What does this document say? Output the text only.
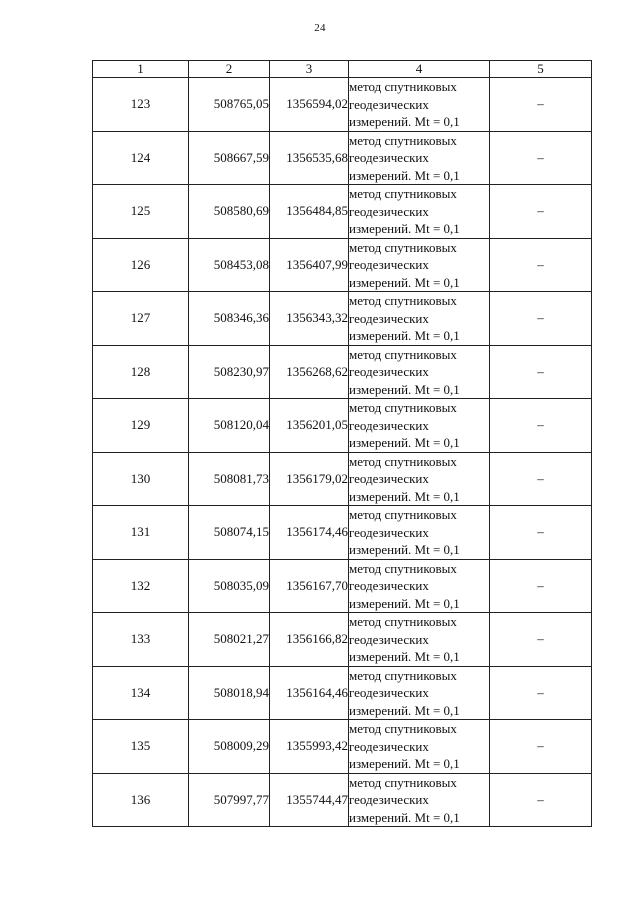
24
1	2	3	4	5
123	508765,05	1356594,02	метод спутниковых
геодезических
измерений. Mt = 0,1	–
124	508667,59	1356535,68	метод спутниковых
геодезических
измерений. Mt = 0,1	–
125	508580,69	1356484,85	метод спутниковых
геодезических
измерений. Mt = 0,1	–
126	508453,08	1356407,99	метод спутниковых
геодезических
измерений. Mt = 0,1	–
127	508346,36	1356343,32	метод спутниковых
геодезических
измерений. Mt = 0,1	–
128	508230,97	1356268,62	метод спутниковых
геодезических
измерений. Mt = 0,1	–
129	508120,04	1356201,05	метод спутниковых
геодезических
измерений. Mt = 0,1	–
130	508081,73	1356179,02	метод спутниковых
геодезических
измерений. Mt = 0,1	–
131	508074,15	1356174,46	метод спутниковых
геодезических
измерений. Mt = 0,1	–
132	508035,09	1356167,70	метод спутниковых
геодезических
измерений. Mt = 0,1	–
133	508021,27	1356166,82	метод спутниковых
геодезических
измерений. Mt = 0,1	–
134	508018,94	1356164,46	метод спутниковых
геодезических
измерений. Mt = 0,1	–
135	508009,29	1355993,42	метод спутниковых
геодезических
измерений. Mt = 0,1	–
136	507997,77	1355744,47	метод спутниковых
геодезических
измерений. Mt = 0,1	–
